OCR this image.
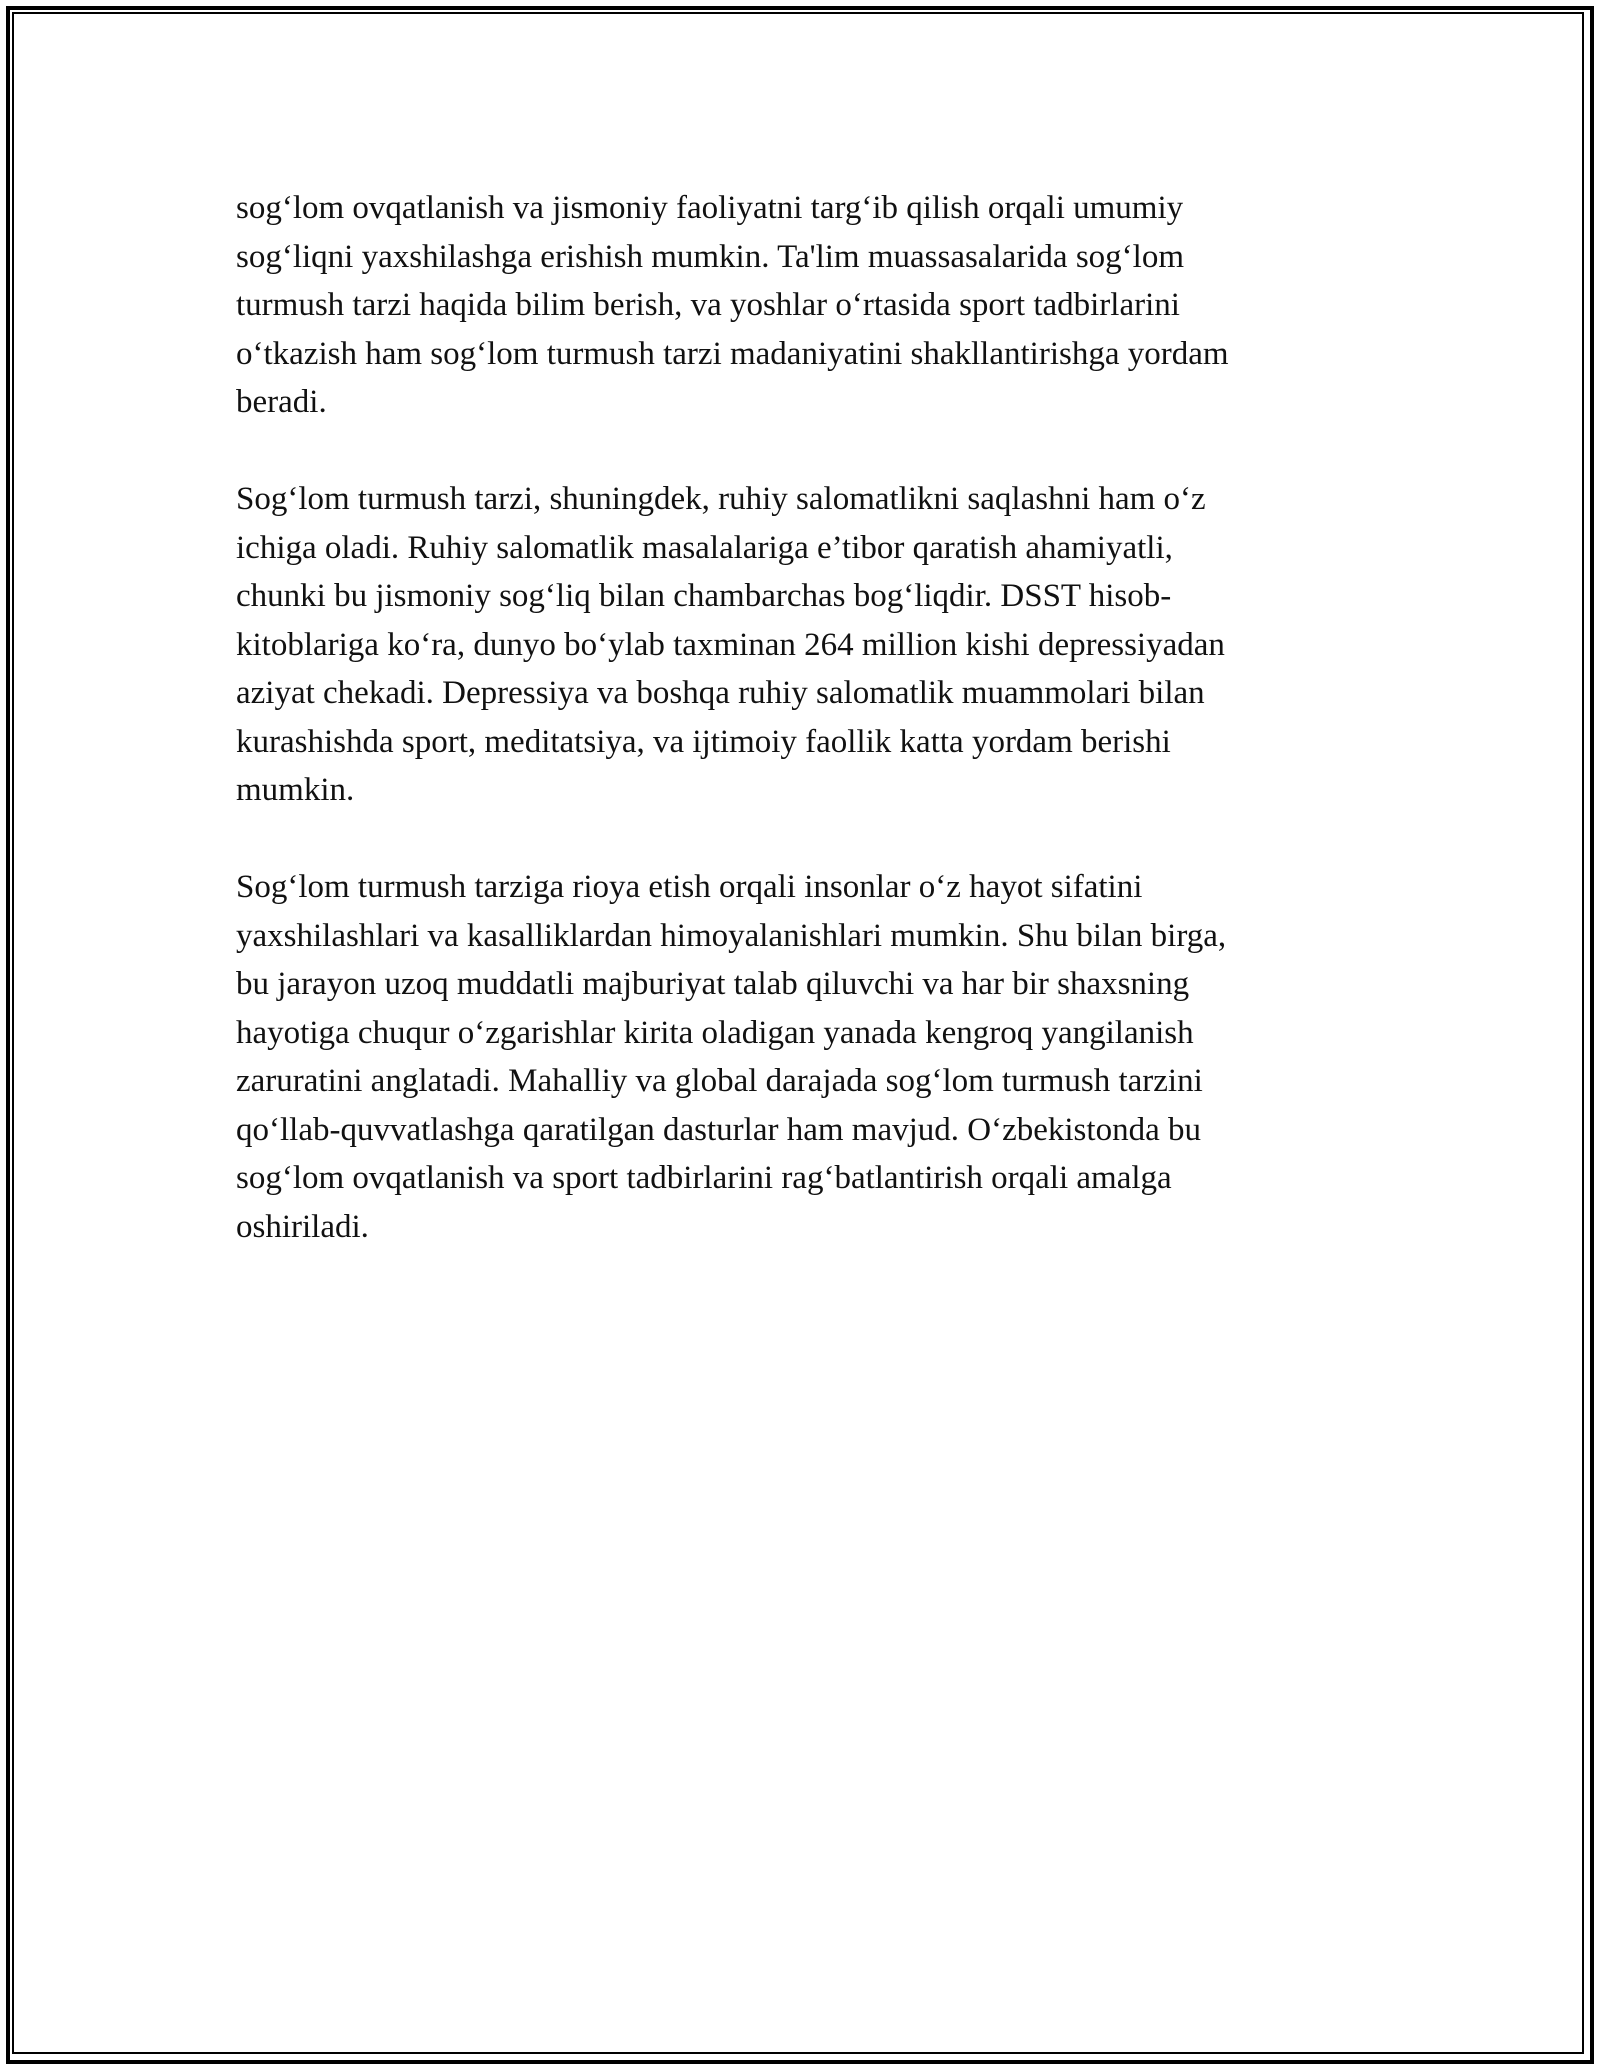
sog‘lom ovqatlanish va jismoniy faoliyatni targ‘ib qilish orqali umumiy
sog‘liqni yaxshilashga erishish mumkin. Ta'lim muassasalarida sog‘lom
turmush tarzi haqida bilim berish, va yoshlar o‘rtasida sport tadbirlarini
o‘tkazish ham sog‘lom turmush tarzi madaniyatini shakllantirishga yordam
beradi.

Sog‘lom turmush tarzi, shuningdek, ruhiy salomatlikni saqlashni ham o‘z
ichiga oladi. Ruhiy salomatlik masalalariga e’tibor qaratish ahamiyatli,
chunki bu jismoniy sog‘liq bilan chambarchas bog‘liqdir. DSST hisob-
kitoblariga ko‘ra, dunyo bo‘ylab taxminan 264 million kishi depressiyadan
aziyat chekadi. Depressiya va boshqa ruhiy salomatlik muammolari bilan
kurashishda sport, meditatsiya, va ijtimoiy faollik katta yordam berishi
mumkin.

Sog‘lom turmush tarziga rioya etish orqali insonlar o‘z hayot sifatini
yaxshilashlari va kasalliklardan himoyalanishlari mumkin. Shu bilan birga,
bu jarayon uzoq muddatli majburiyat talab qiluvchi va har bir shaxsning
hayotiga chuqur o‘zgarishlar kirita oladigan yanada kengroq yangilanish
zaruratini anglatadi. Mahalliy va global darajada sog‘lom turmush tarzini
qo‘llab-quvvatlashga qaratilgan dasturlar ham mavjud. O‘zbekistonda bu
sog‘lom ovqatlanish va sport tadbirlarini rag‘batlantirish orqali amalga
oshiriladi.
